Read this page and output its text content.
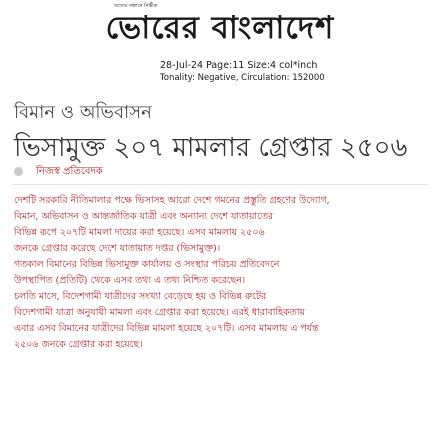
সত্যের সন্ধানে নির্ভীক
ভোরের বাংলাদেশ
28-Jul-24 Page:11 Size:4 col*inch
Tonality: Negative, Circulation: 152000
বিমান ও অভিবাসন
ভিসামুক্ত ২০৭ মামলার গ্রেপ্তার ২৫০৬
নিজস্ব প্রতিবেদক
দেশটি সরকারি নীতিমালার পক্ষে ভিসাসহ আরো দেশে গমনের প্রস্তুতি গ্রহণের উদ্যোগ,
বিমান, অভিবাসন ও আন্তর্জাতিক যাত্রী এবং অন্যান্য দেশে যাতায়াতের
বিভিন্ন রূপে ২০৭টি মামলা দায়ের করা হয়েছে। এসব মামলায় ২৫০৬
জনকে গ্রেপ্তার করেছে দেশে যাতায়াত দপ্তর (ভিসামুক্ত)।
গতকাল বিমানের বিভিন্ন ভিসামুক্ত কার্যালয় ও সংস্থার পরিচয় প্রতিবেদনে
উপস্থাপিত (প্রতিটি) থেকে এসব তথ্য এ তথ্য নিশ্চিত করেছেন।
চলতি মাসে, বিদেশগামী যাত্রীদের সংখ্যা বেড়েছে হয় ও বিভিন্ন রুটের
বিদেশগামী যাত্রা অনুযায়ী মামলা এবং গ্রেপ্তার করা হয়েছে। এরই ধারাবাহিকতায়
এবার এসব বিমানের যাত্রীদের বিভিন্ন মামলা হয়েছে ২০৭টি। এসব মামলায় এ পর্যন্ত
২৫০৬ জনকে গ্রেপ্তার করা হয়েছে।
